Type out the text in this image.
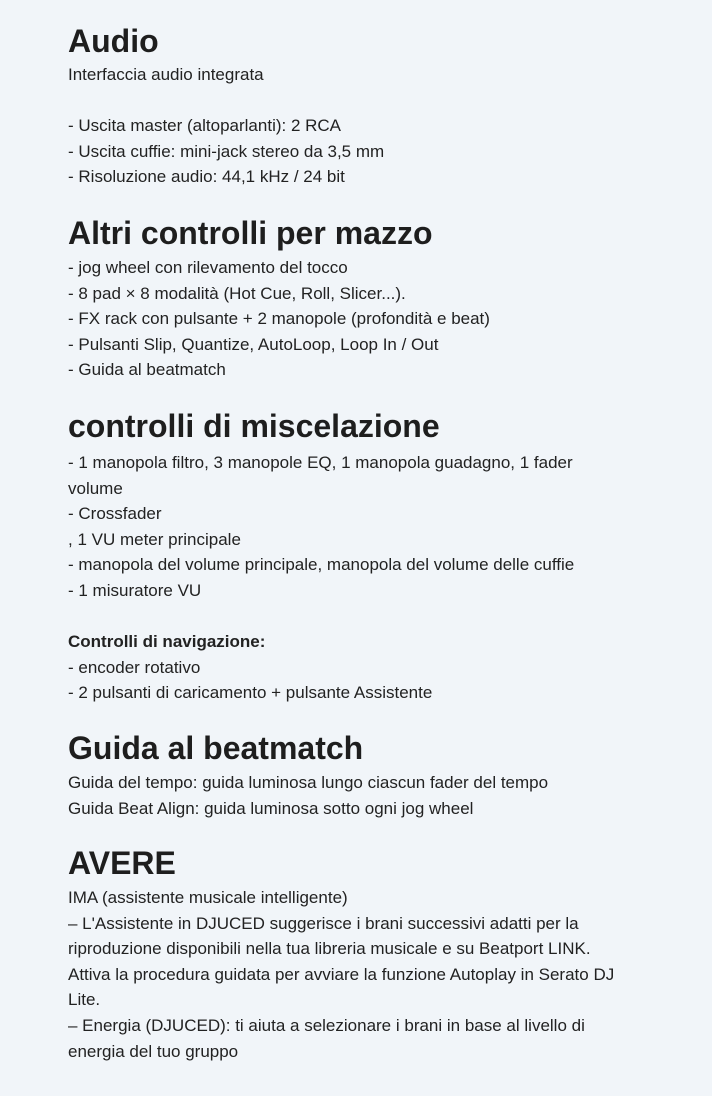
Audio

Interfaccia audio integrata
- Uscita master (altoparlanti): 2 RCA
- Uscita cuffie: mini-jack stereo da 3,5 mm
- Risoluzione audio: 44,1 kHz / 24 bit

Altri controlli per mazzo

- jog wheel con rilevamento del tocco
- 8 pad × 8 modalità (Hot Cue, Roll, Slicer...).
- FX rack con pulsante + 2 manopole (profondità e beat)
- Pulsanti Slip, Quantize, AutoLoop, Loop In / Out
- Guida al beatmatch

controlli di miscelazione

- 1 manopola filtro, 3 manopole EQ, 1 manopola guadagno, 1 fader volume
- Crossfader
, 1 VU meter principale
- manopola del volume principale, manopola del volume delle cuffie
- 1 misuratore VU
Controlli di navigazione:
- encoder rotativo
- 2 pulsanti di caricamento + pulsante Assistente

Guida al beatmatch

Guida del tempo: guida luminosa lungo ciascun fader del tempo
Guida Beat Align: guida luminosa sotto ogni jog wheel

AVERE

IMA (assistente musicale intelligente)
– L'Assistente in DJUCED suggerisce i brani successivi adatti per la riproduzione disponibili nella tua libreria musicale e su Beatport LINK. Attiva la procedura guidata per avviare la funzione Autoplay in Serato DJ Lite.
– Energia (DJUCED): ti aiuta a selezionare i brani in base al livello di energia del tuo gruppo
